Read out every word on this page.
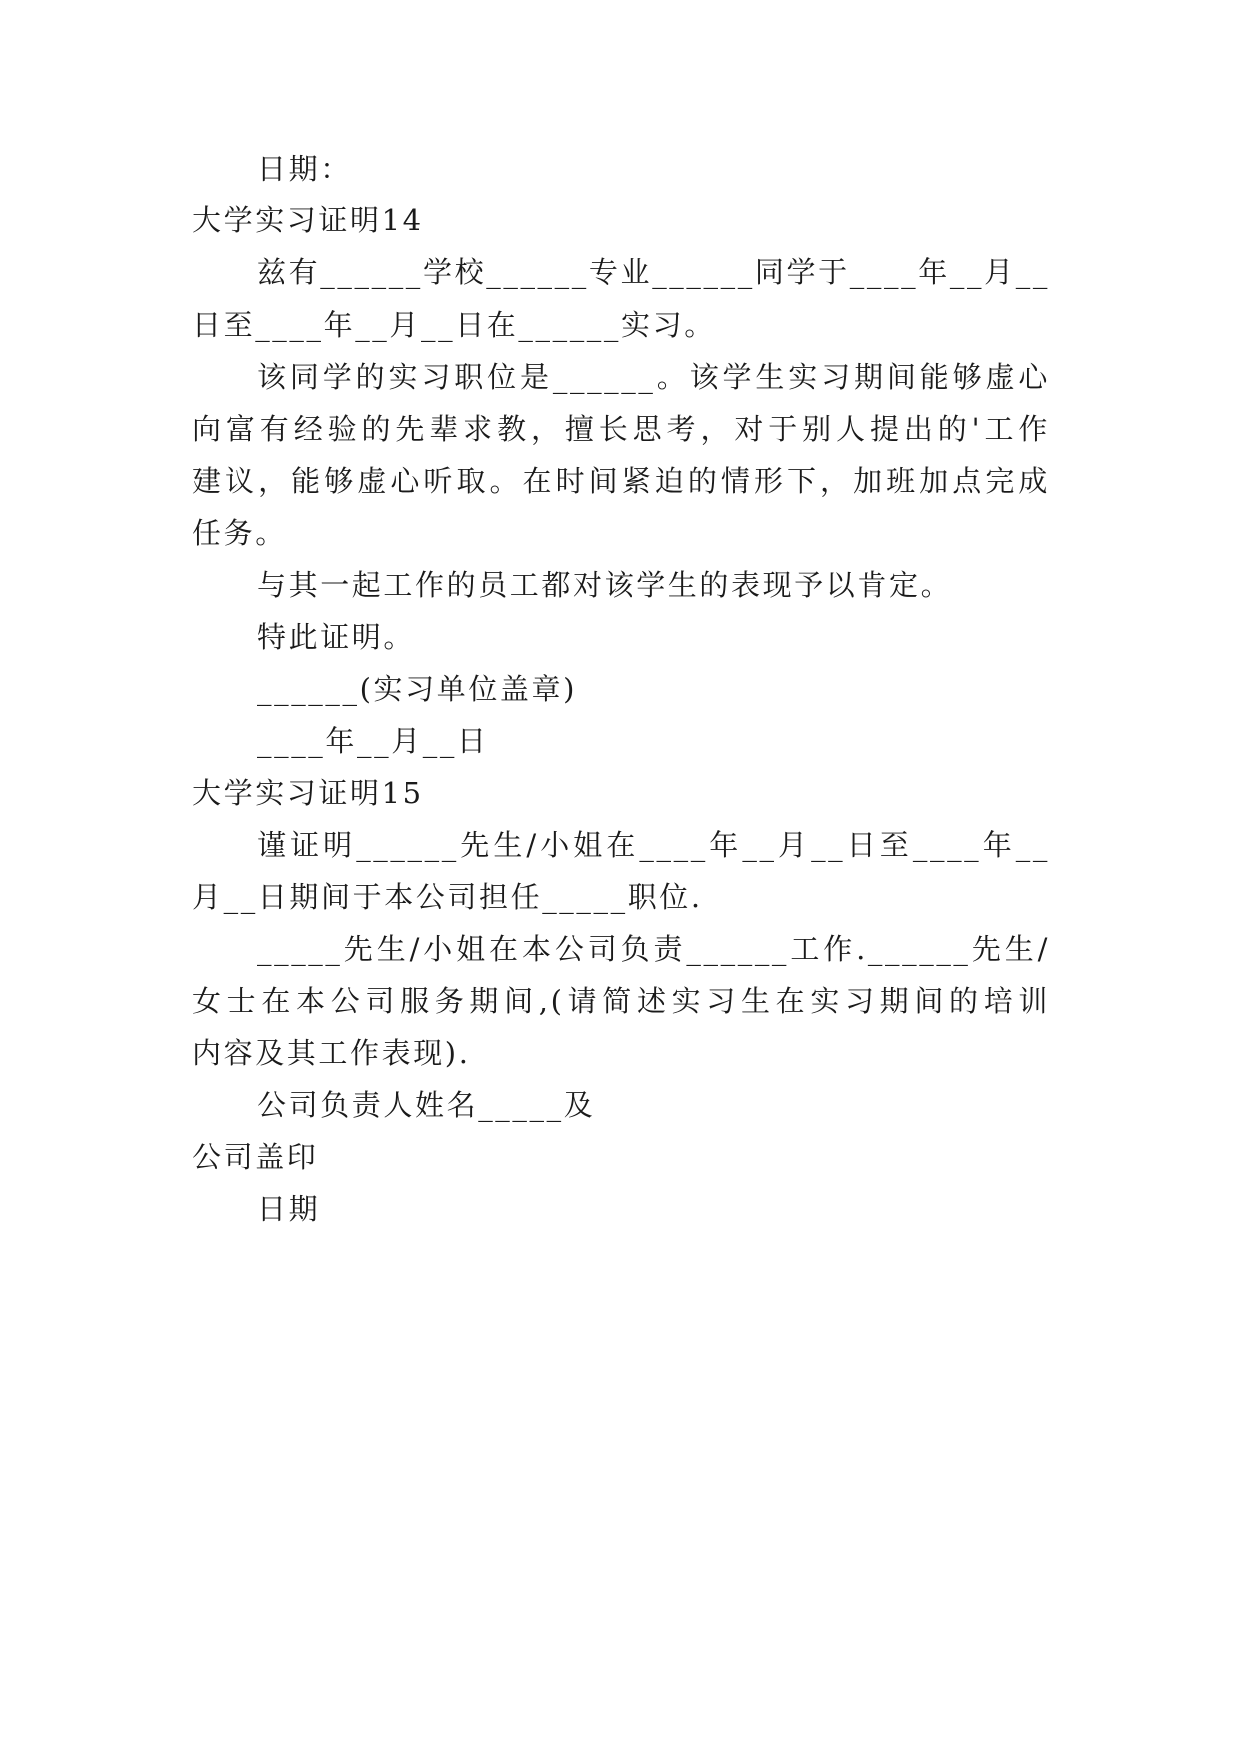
日期：
大学实习证明14
兹有______学校______专业______同学于____年__月__
日至____年__月__日在______实习。
该同学的实习职位是______。该学生实习期间能够虚心
向富有经验的先辈求教，擅长思考，对于别人提出的'工作
建议，能够虚心听取。在时间紧迫的情形下，加班加点完成
任务。
与其一起工作的员工都对该学生的表现予以肯定。
特此证明。
______(实习单位盖章)
____年__月__日
大学实习证明15
谨证明______先生/小姐在____年__月__日至____年__
月__日期间于本公司担任_____职位.
_____先生/小姐在本公司负责______工作.______先生/
女士在本公司服务期间,(请简述实习生在实习期间的培训
内容及其工作表现).
公司负责人姓名_____及
公司盖印
日期
